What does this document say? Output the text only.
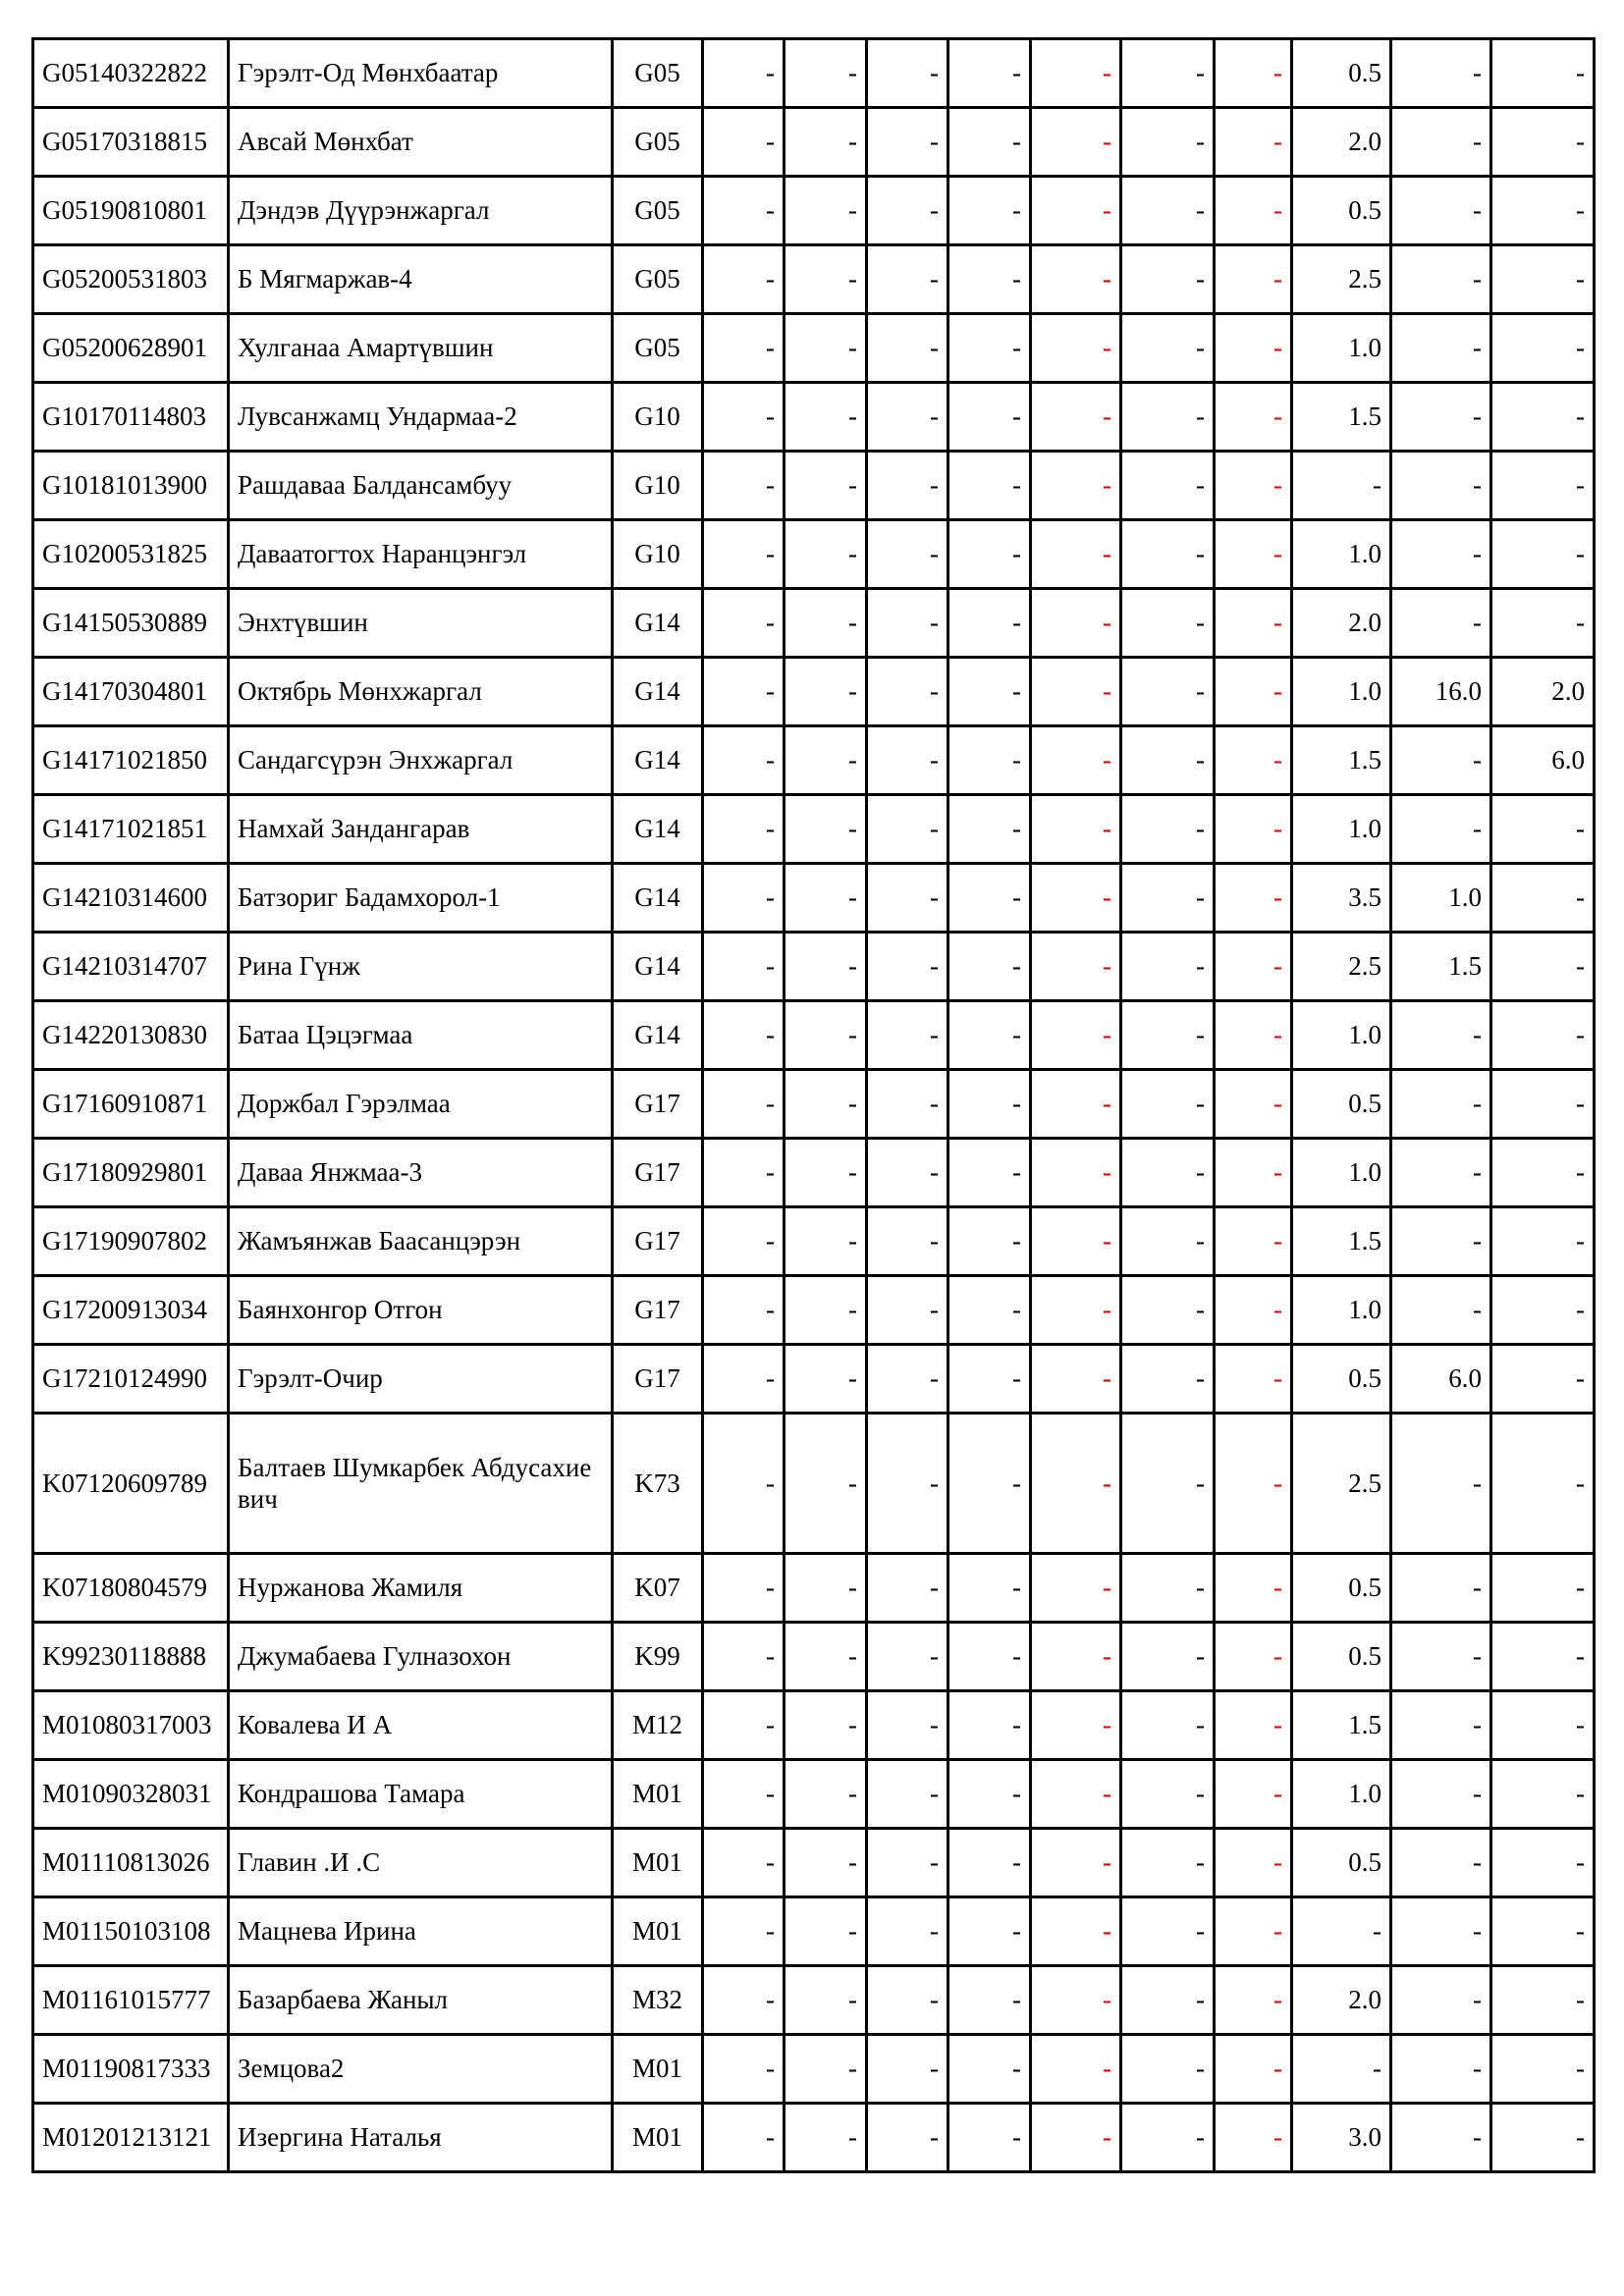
G05140322822	Гэрэлт-Од Мөнхбаатар	G05	-	-	-	-	-	-	-	0.5	-	-
G05170318815	Авсай Мөнхбат	G05	-	-	-	-	-	-	-	2.0	-	-
G05190810801	Дэндэв Дүүрэнжаргал	G05	-	-	-	-	-	-	-	0.5	-	-
G05200531803	Б Мягмаржав-4	G05	-	-	-	-	-	-	-	2.5	-	-
G05200628901	Хулганаа Амартүвшин	G05	-	-	-	-	-	-	-	1.0	-	-
G10170114803	Лувсанжамц Ундармаа-2	G10	-	-	-	-	-	-	-	1.5	-	-
G10181013900	Рашдаваа Балдансамбуу	G10	-	-	-	-	-	-	-	-	-	-
G10200531825	Даваатогтох Наранцэнгэл	G10	-	-	-	-	-	-	-	1.0	-	-
G14150530889	Энхтүвшин	G14	-	-	-	-	-	-	-	2.0	-	-
G14170304801	Октябрь Мөнхжаргал	G14	-	-	-	-	-	-	-	1.0	16.0	2.0
G14171021850	Сандагсүрэн Энхжаргал	G14	-	-	-	-	-	-	-	1.5	-	6.0
G14171021851	Намхай Зандангарав	G14	-	-	-	-	-	-	-	1.0	-	-
G14210314600	Батзориг Бадамхорол-1	G14	-	-	-	-	-	-	-	3.5	1.0	-
G14210314707	Рина Гүнж	G14	-	-	-	-	-	-	-	2.5	1.5	-
G14220130830	Батаа Цэцэгмаа	G14	-	-	-	-	-	-	-	1.0	-	-
G17160910871	Доржбал Гэрэлмаа	G17	-	-	-	-	-	-	-	0.5	-	-
G17180929801	Даваа Янжмаа-3	G17	-	-	-	-	-	-	-	1.0	-	-
G17190907802	Жамъянжав Баасанцэрэн	G17	-	-	-	-	-	-	-	1.5	-	-
G17200913034	Баянхонгор Отгон	G17	-	-	-	-	-	-	-	1.0	-	-
G17210124990	Гэрэлт-Очир	G17	-	-	-	-	-	-	-	0.5	6.0	-
K07120609789	Балтаев Шумкарбек Абдусахиевич	K73	-	-	-	-	-	-	-	2.5	-	-
K07180804579	Нуржанова Жамиля	K07	-	-	-	-	-	-	-	0.5	-	-
K99230118888	Джумабаева Гулназохон	K99	-	-	-	-	-	-	-	0.5	-	-
M01080317003	Ковалева И А	M12	-	-	-	-	-	-	-	1.5	-	-
M01090328031	Кондрашова Тамара	M01	-	-	-	-	-	-	-	1.0	-	-
M01110813026	Главин .И .С	M01	-	-	-	-	-	-	-	0.5	-	-
M01150103108	Мацнева Ирина	M01	-	-	-	-	-	-	-	-	-	-
M01161015777	Базарбаева Жаныл	M32	-	-	-	-	-	-	-	2.0	-	-
M01190817333	Земцова2	M01	-	-	-	-	-	-	-	-	-	-
M01201213121	Изергина Наталья	M01	-	-	-	-	-	-	-	3.0	-	-
